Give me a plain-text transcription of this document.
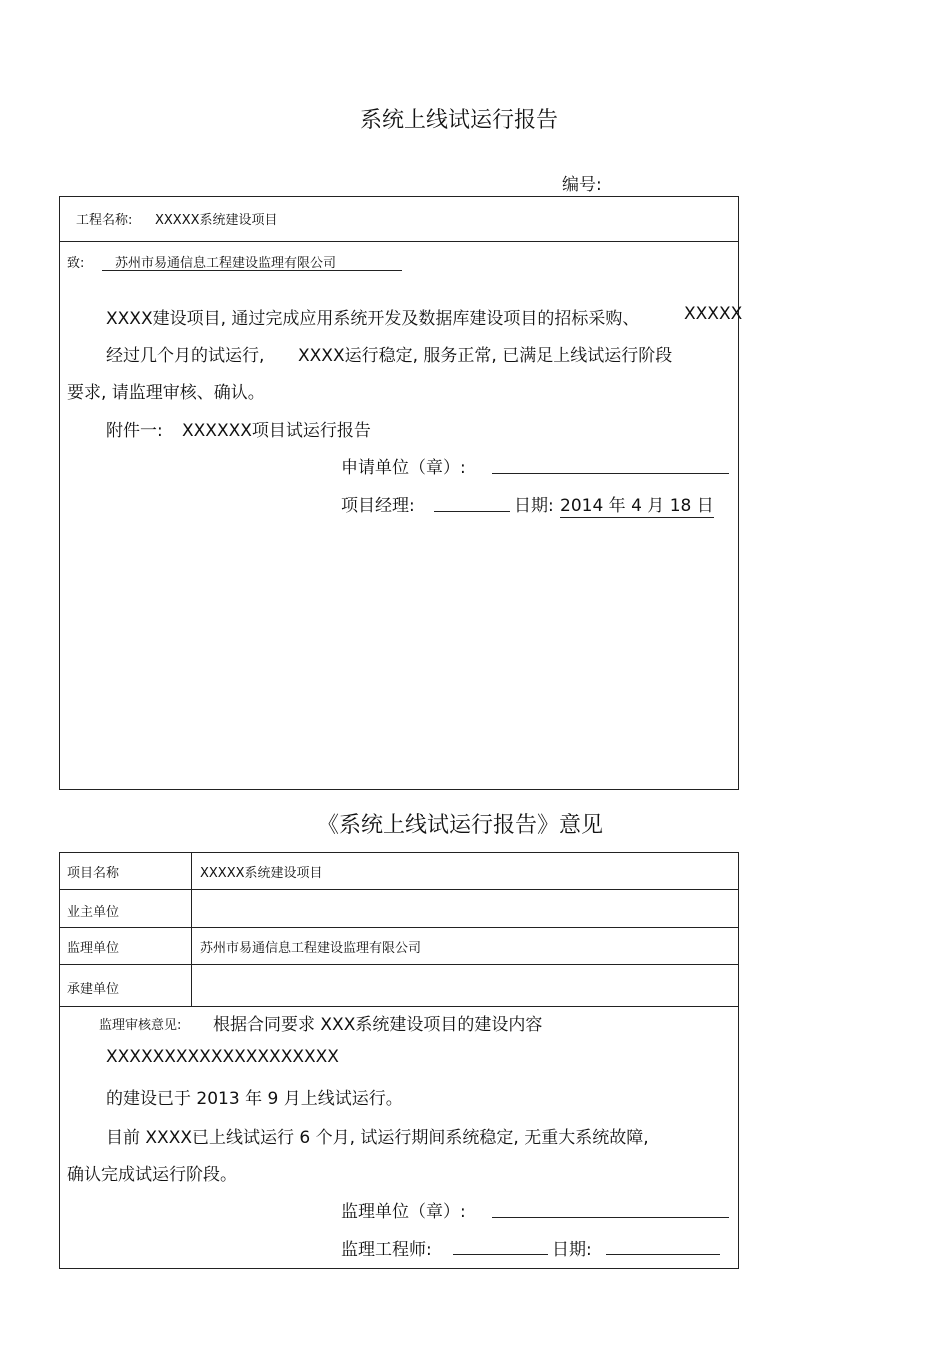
系统上线试运行报告
编号:
工程名称: XXXXX系统建设项目
致: 苏州市易通信息工程建设监理有限公司
XXXX建设项目, 通过完成应用系统开发及数据库建设项目的招标采购、	XXXXX
经过几个月的试运行, XXXX运行稳定, 服务正常, 已满足上线试运行阶段
要求, 请监理审核、确认。
附件一: XXXXXX项目试运行报告
申请单位（章）:
项目经理:	日期: 2014 年 4 月 18 日
《系统上线试运行报告》意见
项目名称	XXXXX系统建设项目
业主单位
监理单位	苏州市易通信息工程建设监理有限公司
承建单位
监理审核意见: 根据合同要求 XXX系统建设项目的建设内容
XXXXXXXXXXXXXXXXXXXX
的建设已于 2013 年 9 月上线试运行。
目前 XXXX已上线试运行 6 个月, 试运行期间系统稳定, 无重大系统故障,
确认完成试运行阶段。
监理单位（章）:
监理工程师:	日期:
